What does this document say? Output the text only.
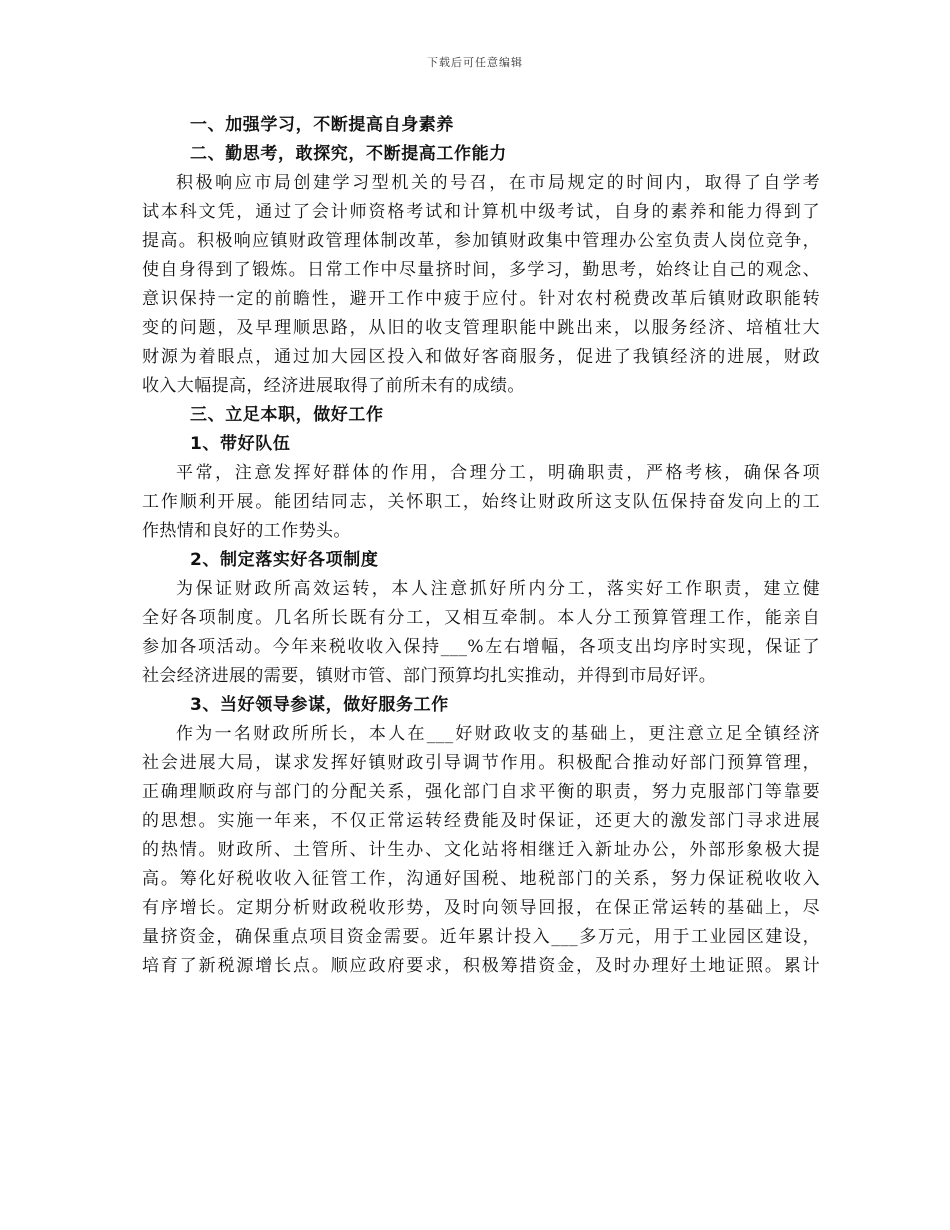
下载后可任意编辑

一、加强学习，不断提高自身素养

二、勤思考，敢探究，不断提高工作能力

积极响应市局创建学习型机关的号召，在市局规定的时间内，取得了自学考

试本科文凭，通过了会计师资格考试和计算机中级考试，自身的素养和能力得到了

提高。积极响应镇财政管理体制改革，参加镇财政集中管理办公室负责人岗位竞争，

使自身得到了锻炼。日常工作中尽量挤时间，多学习，勤思考，始终让自己的观念、

意识保持一定的前瞻性，避开工作中疲于应付。针对农村税费改革后镇财政职能转

变的问题，及早理顺思路，从旧的收支管理职能中跳出来，以服务经济、培植壮大

财源为着眼点，通过加大园区投入和做好客商服务，促进了我镇经济的进展，财政

收入大幅提高，经济进展取得了前所未有的成绩。

三、立足本职，做好工作

1、带好队伍

平常，注意发挥好群体的作用，合理分工，明确职责，严格考核，确保各项

工作顺利开展。能团结同志，关怀职工，始终让财政所这支队伍保持奋发向上的工

作热情和良好的工作势头。

2、制定落实好各项制度

为保证财政所高效运转，本人注意抓好所内分工，落实好工作职责，建立健

全好各项制度。几名所长既有分工，又相互牵制。本人分工预算管理工作，能亲自

参加各项活动。今年来税收收入保持___%左右增幅，各项支出均序时实现，保证了

社会经济进展的需要，镇财市管、部门预算均扎实推动，并得到市局好评。

3、当好领导参谋，做好服务工作

作为一名财政所所长，本人在___好财政收支的基础上，更注意立足全镇经济

社会进展大局，谋求发挥好镇财政引导调节作用。积极配合推动好部门预算管理，

正确理顺政府与部门的分配关系，强化部门自求平衡的职责，努力克服部门等靠要

的思想。实施一年来，不仅正常运转经费能及时保证，还更大的激发部门寻求进展

的热情。财政所、土管所、计生办、文化站将相继迁入新址办公，外部形象极大提

高。筹化好税收收入征管工作，沟通好国税、地税部门的关系，努力保证税收收入

有序增长。定期分析财政税收形势，及时向领导回报，在保正常运转的基础上，尽

量挤资金，确保重点项目资金需要。近年累计投入___多万元，用于工业园区建设，

培育了新税源增长点。顺应政府要求，积极筹措资金，及时办理好土地证照。累计
